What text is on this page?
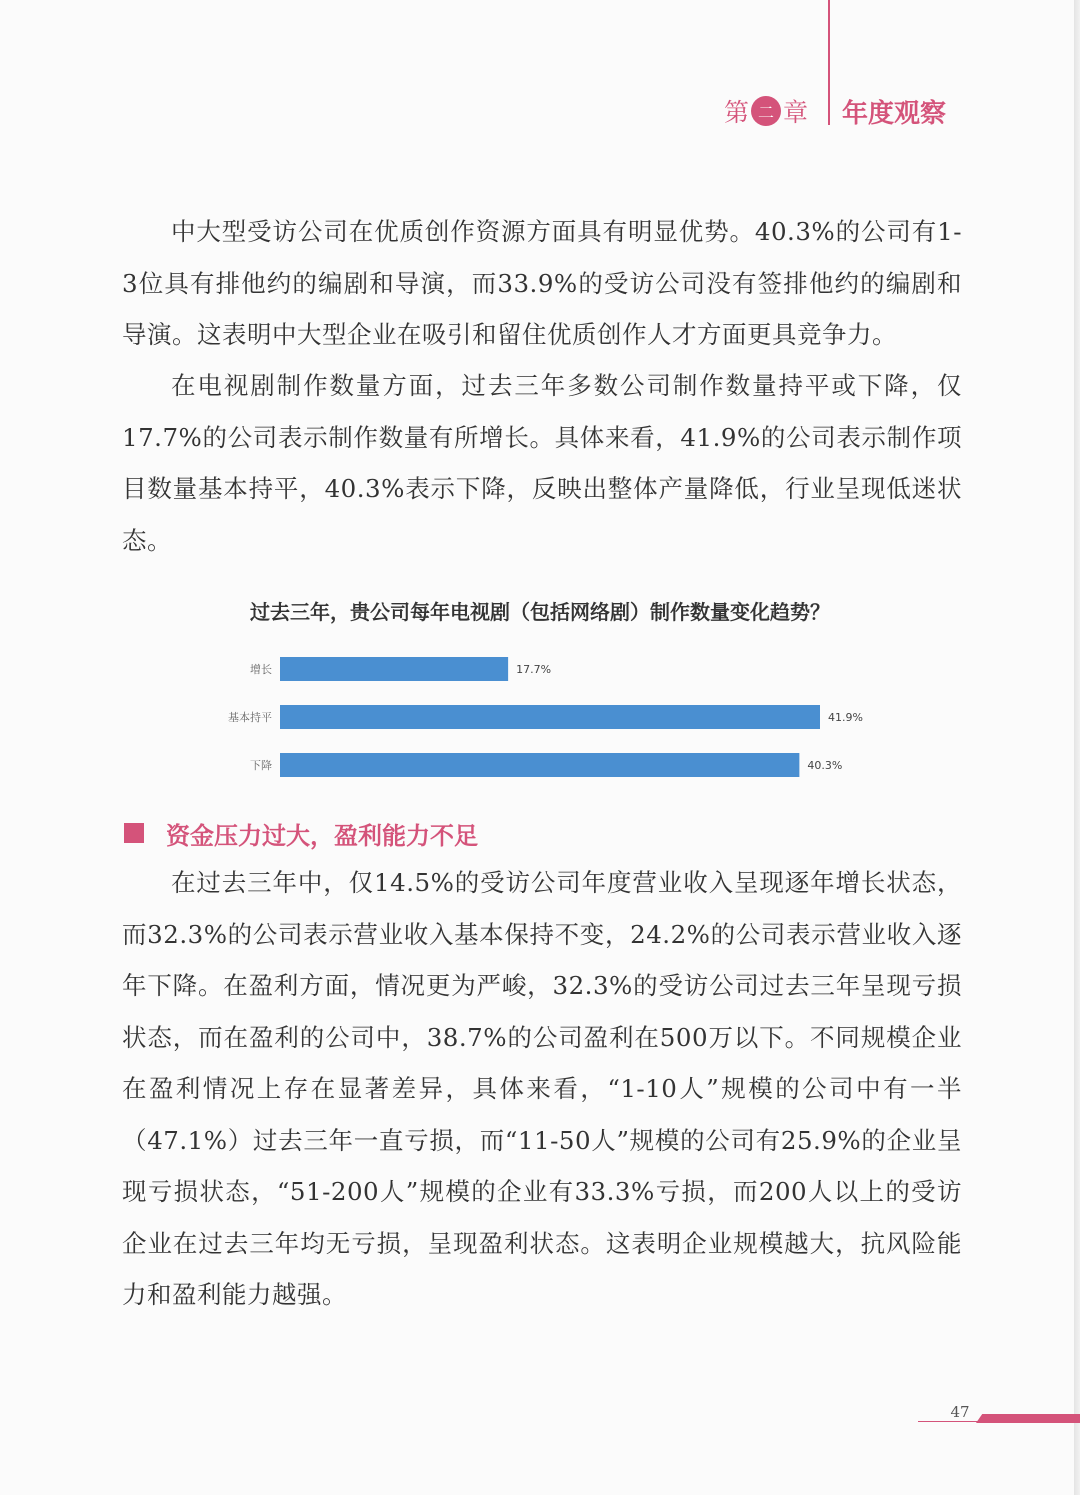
第 二 章 年度观察

中大型受访公司在优质创作资源方面具有明显优势。40.3%的公司有1-3位具有排他约的编剧和导演，而33.9%的受访公司没有签排他约的编剧和导演。这表明中大型企业在吸引和留住优质创作人才方面更具竞争力。

在电视剧制作数量方面，过去三年多数公司制作数量持平或下降，仅17.7%的公司表示制作数量有所增长。具体来看，41.9%的公司表示制作项目数量基本持平，40.3%表示下降，反映出整体产量降低，行业呈现低迷状态。

过去三年，贵公司每年电视剧（包括网络剧）制作数量变化趋势？
增长	17.7%
基本持平	41.9%
下降	40.3%
资金压力过大，盈利能力不足

在过去三年中，仅14.5%的受访公司年度营业收入呈现逐年增长状态，而32.3%的公司表示营业收入基本保持不变，24.2%的公司表示营业收入逐年下降。在盈利方面，情况更为严峻，32.3%的受访公司过去三年呈现亏损状态，而在盈利的公司中，38.7%的公司盈利在500万以下。不同规模企业在盈利情况上存在显著差异，具体来看，“1-10人”规模的公司中有一半（47.1%）过去三年一直亏损，而“11-50人”规模的公司有25.9%的企业呈现亏损状态，“51-200人”规模的企业有33.3%亏损，而200人以上的受访企业在过去三年均无亏损，呈现盈利状态。这表明企业规模越大，抗风险能力和盈利能力越强。

47
